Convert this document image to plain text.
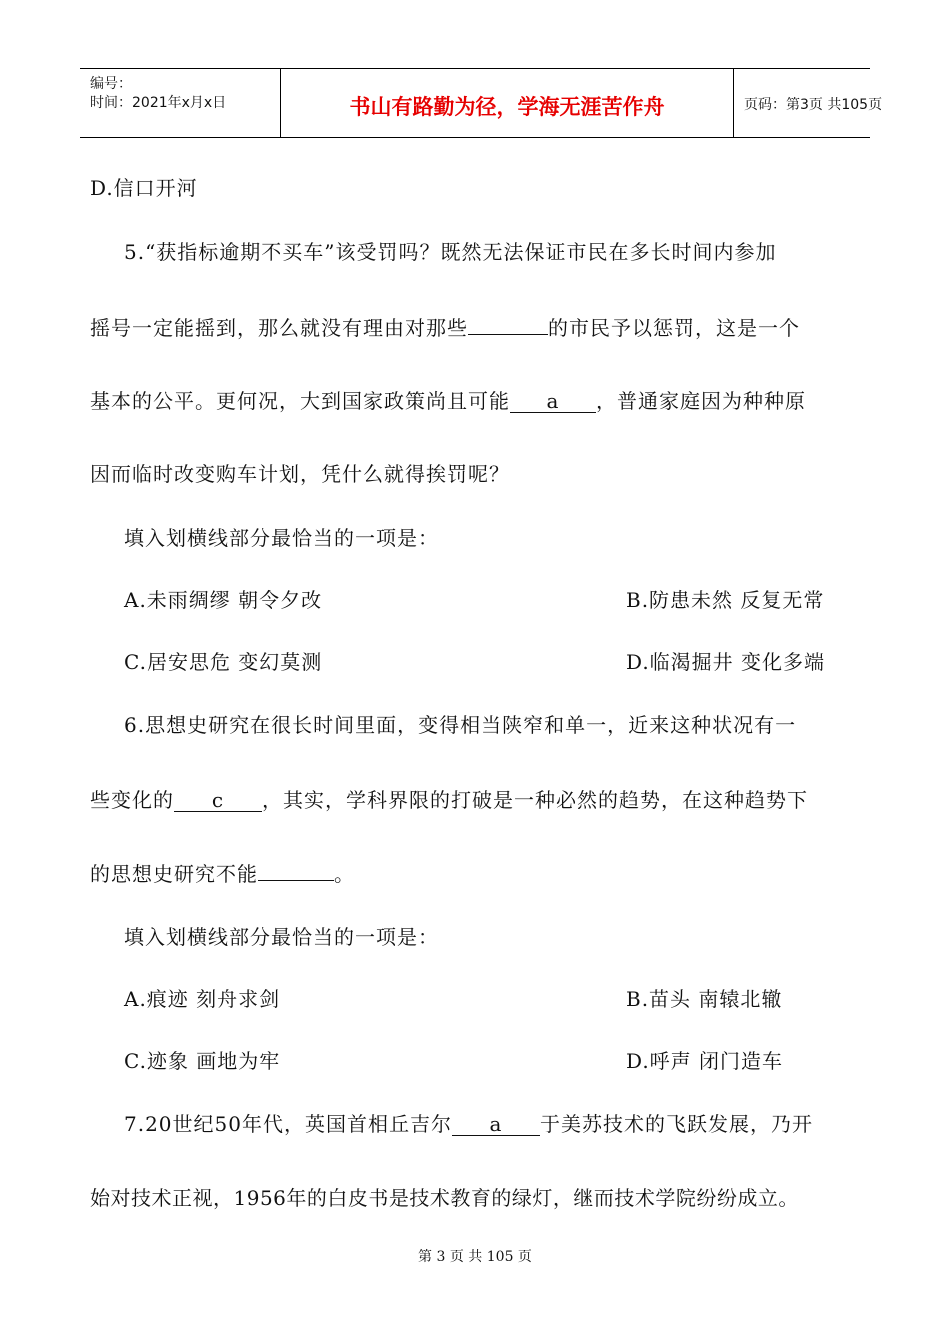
编号：
时间：2021年x月x日	书山有路勤为径，学海无涯苦作舟	页码：第3页 共105页
D.信口开河
5.“获指标逾期不买车”该受罚吗？既然无法保证市民在多长时间内参加
摇号一定能摇到，那么就没有理由对那些	的市民予以惩罚，这是一个
基本的公平。更何况，大到国家政策尚且可能 a ，普通家庭因为种种原
因而临时改变购车计划，凭什么就得挨罚呢？
填入划横线部分最恰当的一项是：
A.未雨绸缪 朝令夕改	B.防患未然 反复无常
C.居安思危 变幻莫测	D.临渴掘井 变化多端
6.思想史研究在很长时间里面，变得相当陕窄和单一，近来这种状况有一
些变化的 c ，其实，学科界限的打破是一种必然的趋势，在这种趋势下
的思想史研究不能	。
填入划横线部分最恰当的一项是：
A.痕迹 刻舟求剑	B.苗头 南辕北辙
C.迹象 画地为牢	D.呼声 闭门造车
7.20世纪50年代，英国首相丘吉尔 a 于美苏技术的飞跃发展，乃开
始对技术正视，1956年的白皮书是技术教育的绿灯，继而技术学院纷纷成立。
第 3 页 共 105 页
